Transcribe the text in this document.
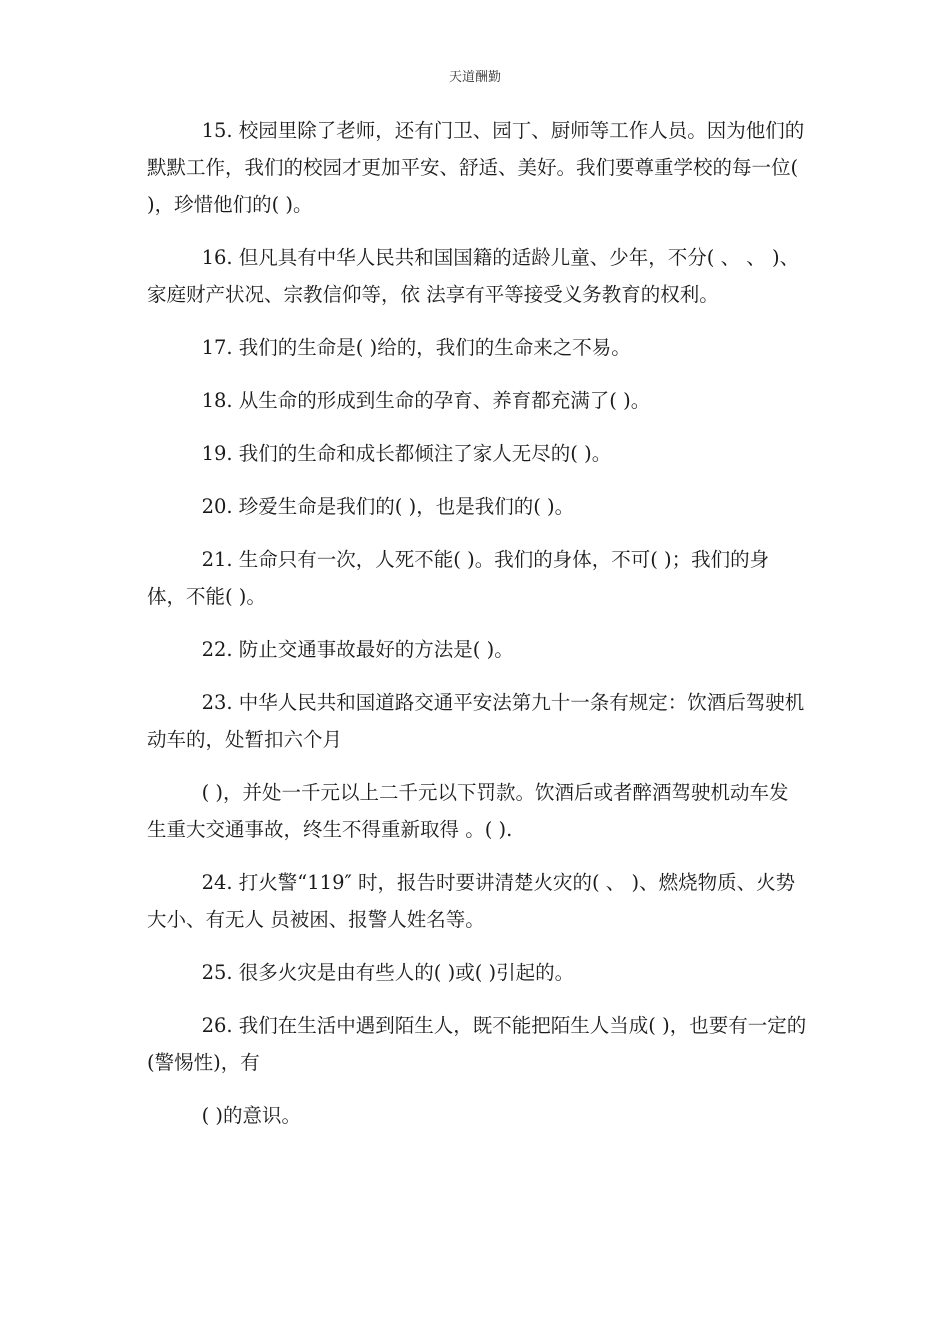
天道酬勤

15. 校园里除了老师，还有门卫、园丁、厨师等工作人员。因为他们的默默工作，我们的校园才更加平安、舒适、美好。我们要尊重学校的每一位( )，珍惜他们的( )。

16. 但凡具有中华人民共和国国籍的适龄儿童、少年，不分( 、 、 )、家庭财产状况、宗教信仰等，依 法享有平等接受义务教育的权利。

17. 我们的生命是( )给的，我们的生命来之不易。

18. 从生命的形成到生命的孕育、养育都充满了( )。

19. 我们的生命和成长都倾注了家人无尽的( )。

20. 珍爱生命是我们的( )，也是我们的( )。

21. 生命只有一次，人死不能( )。我们的身体，不可( )；我们的身体，不能( )。

22. 防止交通事故最好的方法是( )。

23. 中华人民共和国道路交通平安法第九十一条有规定：饮酒后驾驶机动车的，处暂扣六个月

( )，并处一千元以上二千元以下罚款。饮酒后或者醉酒驾驶机动车发生重大交通事故，终生不得重新取得 。( ).

24. 打火警“119″ 时，报告时要讲清楚火灾的( 、 )、燃烧物质、火势大小、有无人 员被困、报警人姓名等。

25. 很多火灾是由有些人的( )或( )引起的。

26. 我们在生活中遇到陌生人，既不能把陌生人当成( )，也要有一定的(警惕性)，有

( )的意识。
